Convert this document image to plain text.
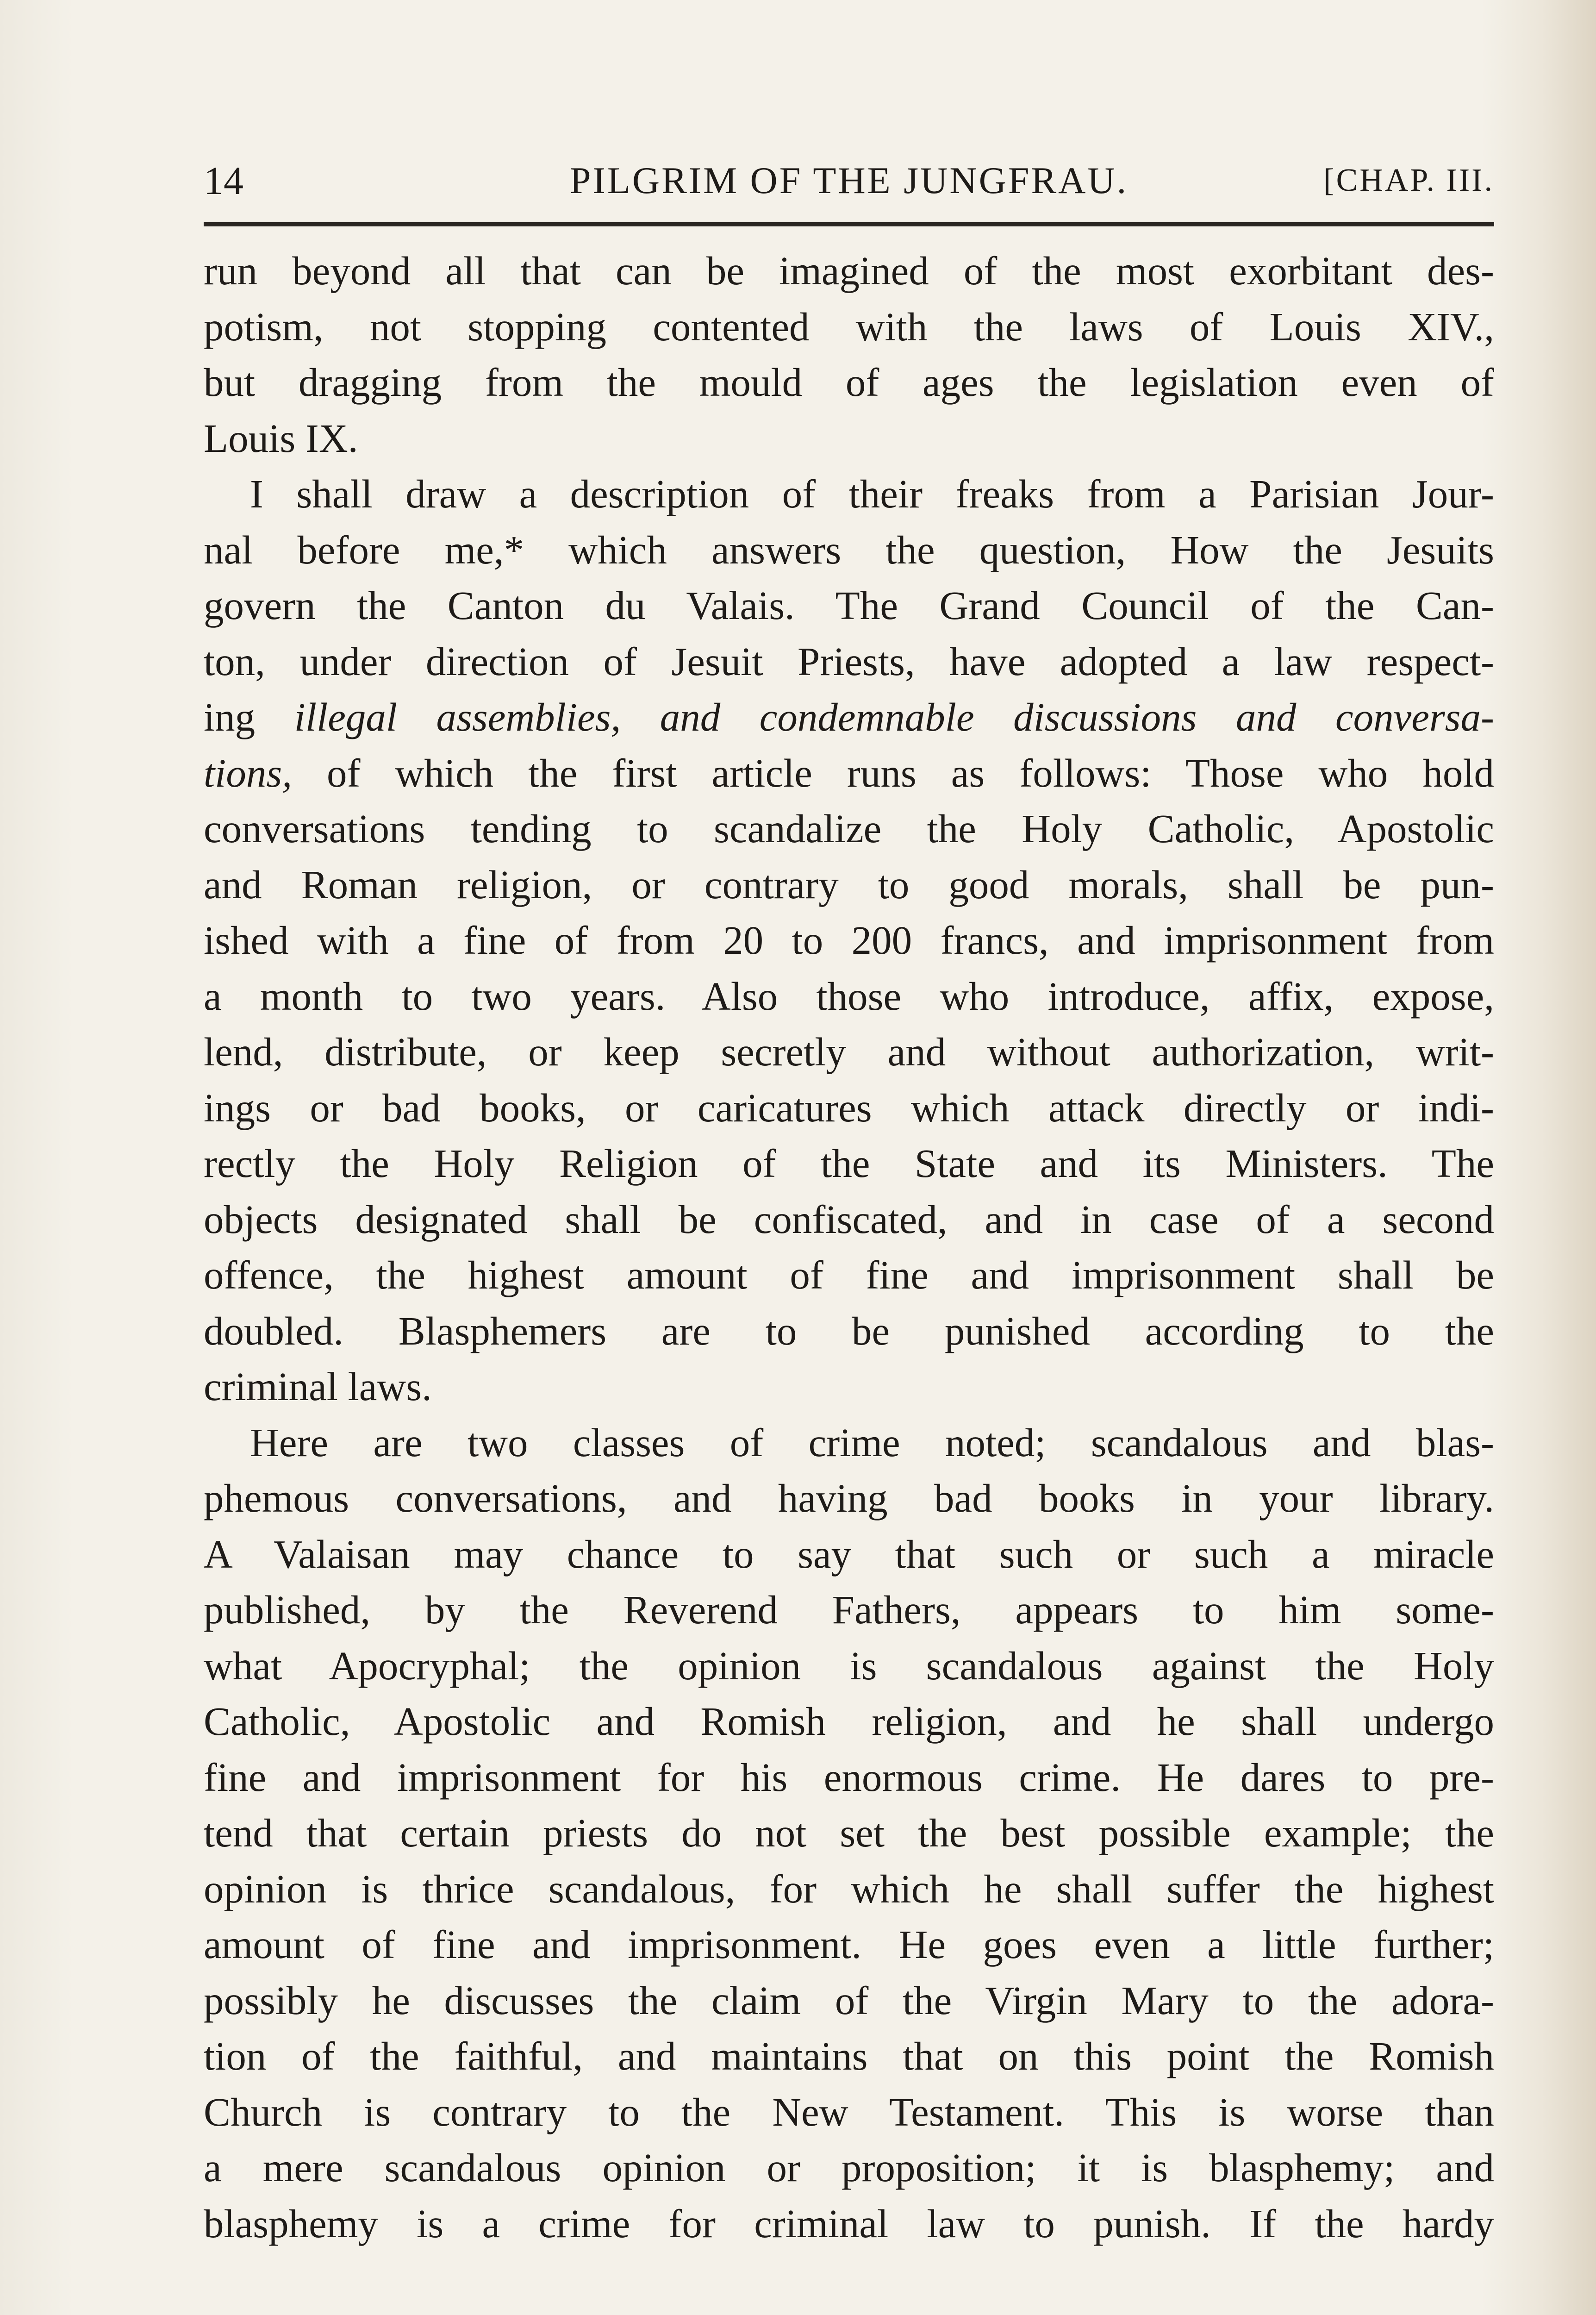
14	PILGRIM OF THE JUNGFRAU.	[CHAP. III.
run beyond all that can be imagined of the most exorbitant des-
potism, not stopping contented with the laws of Louis XIV.,
but dragging from the mould of ages the legislation even of
Louis IX.
I shall draw a description of their freaks from a Parisian Jour-
nal before me,* which answers the question, How the Jesuits
govern the Canton du Valais. The Grand Council of the Can-
ton, under direction of Jesuit Priests, have adopted a law respect-
ing illegal assemblies, and condemnable discussions and conversa-
tions, of which the first article runs as follows: Those who hold
conversations tending to scandalize the Holy Catholic, Apostolic
and Roman religion, or contrary to good morals, shall be pun-
ished with a fine of from 20 to 200 francs, and imprisonment from
a month to two years. Also those who introduce, affix, expose,
lend, distribute, or keep secretly and without authorization, writ-
ings or bad books, or caricatures which attack directly or indi-
rectly the Holy Religion of the State and its Ministers. The
objects designated shall be confiscated, and in case of a second
offence, the highest amount of fine and imprisonment shall be
doubled. Blasphemers are to be punished according to the
criminal laws.
Here are two classes of crime noted; scandalous and blas-
phemous conversations, and having bad books in your library.
A Valaisan may chance to say that such or such a miracle
published, by the Reverend Fathers, appears to him some-
what Apocryphal; the opinion is scandalous against the Holy
Catholic, Apostolic and Romish religion, and he shall undergo
fine and imprisonment for his enormous crime. He dares to pre-
tend that certain priests do not set the best possible example; the
opinion is thrice scandalous, for which he shall suffer the highest
amount of fine and imprisonment. He goes even a little further;
possibly he discusses the claim of the Virgin Mary to the adora-
tion of the faithful, and maintains that on this point the Romish
Church is contrary to the New Testament. This is worse than
a mere scandalous opinion or proposition; it is blasphemy; and
blasphemy is a crime for criminal law to punish. If the hardy
